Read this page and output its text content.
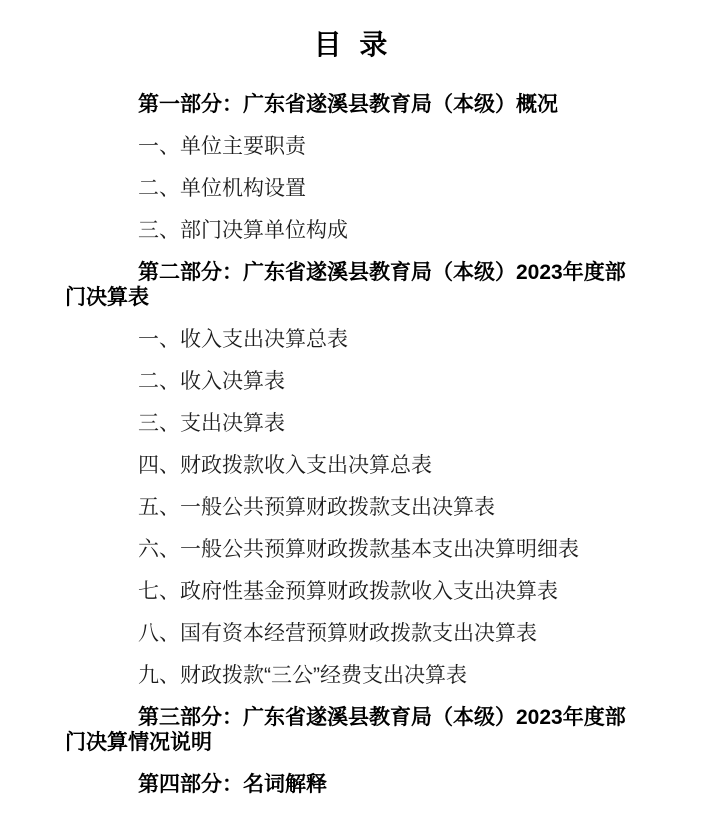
目 录

第一部分：广东省遂溪县教育局（本级）概况

一、单位主要职责

二、单位机构设置

三、部门决算单位构成

第二部分：广东省遂溪县教育局（本级）2023年度部门决算表

一、收入支出决算总表

二、收入决算表

三、支出决算表

四、财政拨款收入支出决算总表

五、一般公共预算财政拨款支出决算表

六、一般公共预算财政拨款基本支出决算明细表

七、政府性基金预算财政拨款收入支出决算表

八、国有资本经营预算财政拨款支出决算表

九、财政拨款“三公”经费支出决算表

第三部分：广东省遂溪县教育局（本级）2023年度部门决算情况说明

第四部分：名词解释
